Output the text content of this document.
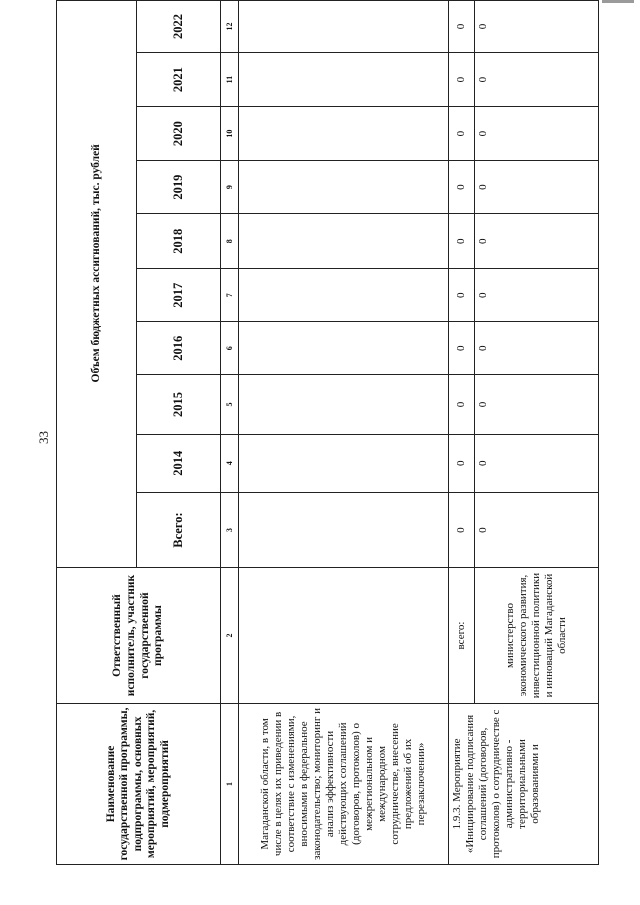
33
Наименование государственной программы, подпрограммы, основных мероприятий, мероприятий, подмероприятий	Ответственный исполнитель, участник государственной программы		Объем бюджетных ассигнований, тыс. рублей								
		Всего:	2014	2015	2016	2017	2018	2019	2020	2021	2022
1	2	3	4	5	6	7	8	9	10	11	12
Магаданской области, в том числе в целях их приведении в соответствие с изменениями, вносимыми в федеральное законодательство; мониторинг и анализ эффективности действующих соглашений (договоров, протоколов) о межрегиональном и международном сотрудничестве, внесение предложений об их перезаключении»											
1.9.3. Мероприятие «Инициирование подписания соглашений (договоров, протоколов) о сотрудничестве с административно - территориальными образованиями и	всего:	0	0	0	0	0	0	0	0	0	0
	министерство экономического развития, инвестиционной политики и инноваций Магаданской области	0	0	0	0	0	0	0	0	0	0
